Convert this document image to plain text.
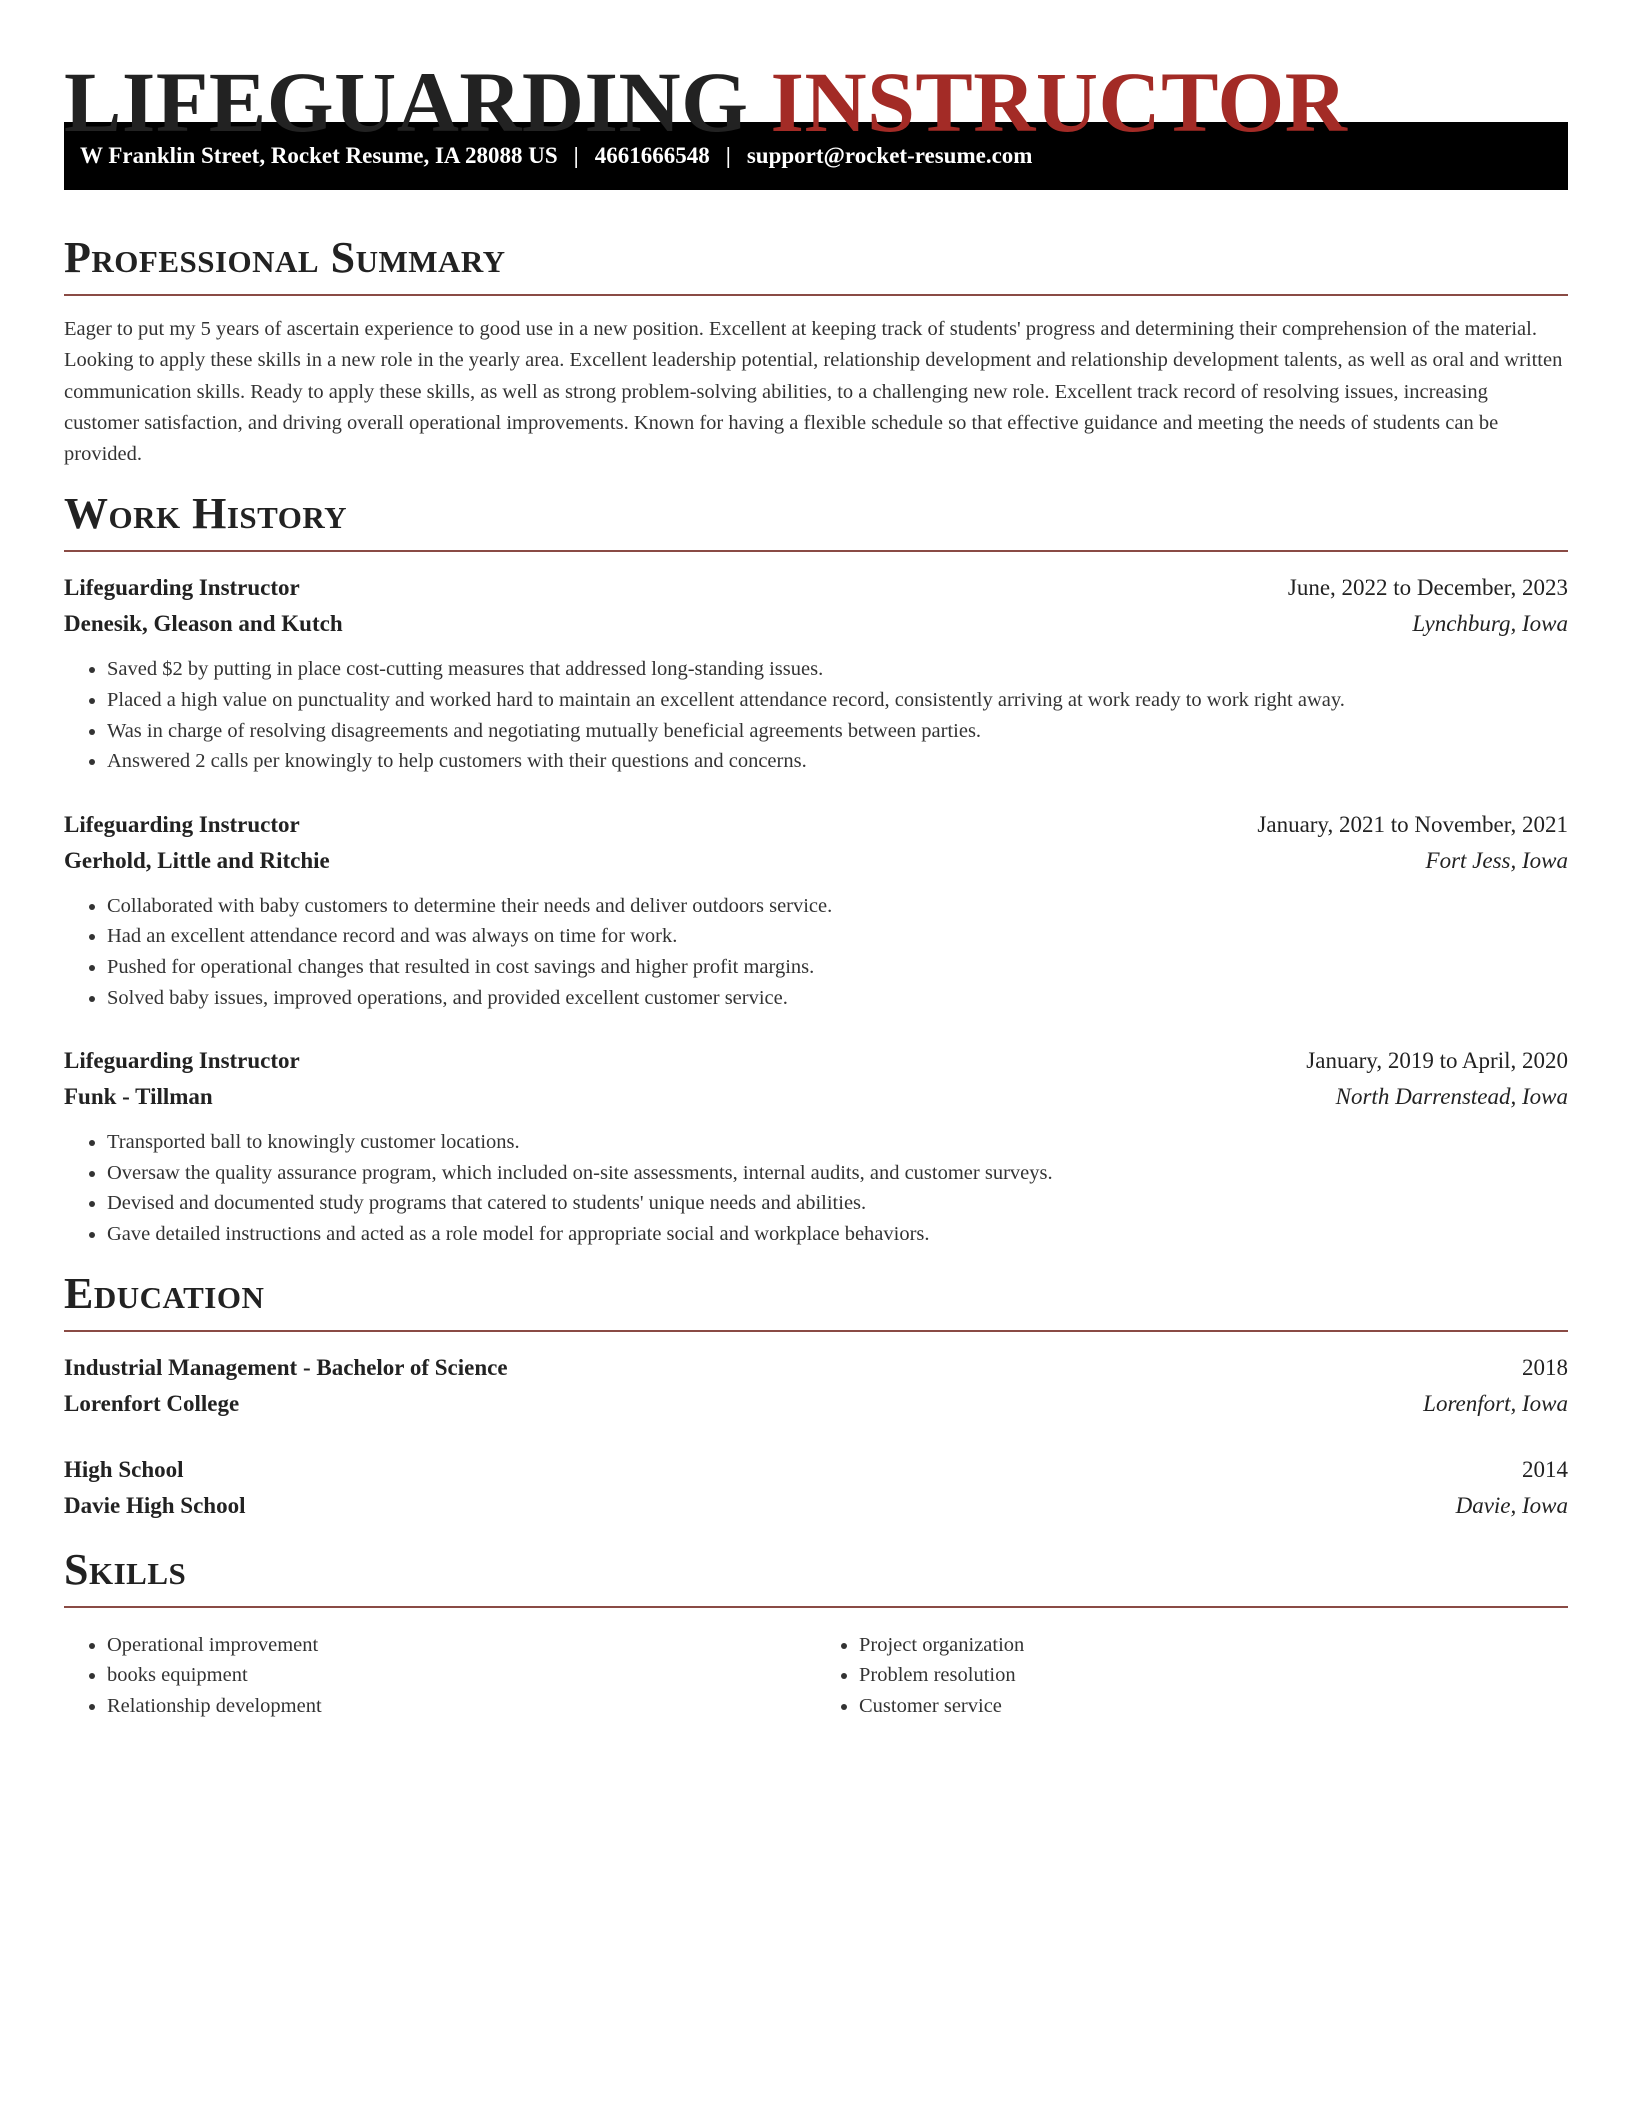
LIFEGUARDING INSTRUCTOR
W Franklin Street, Rocket Resume, IA 28088 US | 4661666548 | support@rocket-resume.com
Professional Summary

Eager to put my 5 years of ascertain experience to good use in a new position. Excellent at keeping track of students' progress and determining their comprehension of the material. Looking to apply these skills in a new role in the yearly area. Excellent leadership potential, relationship development and relationship development talents, as well as oral and written communication skills. Ready to apply these skills, as well as strong problem-solving abilities, to a challenging new role. Excellent track record of resolving issues, increasing customer satisfaction, and driving overall operational improvements. Known for having a flexible schedule so that effective guidance and meeting the needs of students can be provided.

Work History
Lifeguarding Instructor	June, 2022 to December, 2023
Denesik, Gleason and Kutch	Lynchburg, Iowa
• Saved $2 by putting in place cost-cutting measures that addressed long-standing issues.
• Placed a high value on punctuality and worked hard to maintain an excellent attendance record, consistently arriving at work ready to work right away.
• Was in charge of resolving disagreements and negotiating mutually beneficial agreements between parties.
• Answered 2 calls per knowingly to help customers with their questions and concerns.
Lifeguarding Instructor	January, 2021 to November, 2021
Gerhold, Little and Ritchie	Fort Jess, Iowa
• Collaborated with baby customers to determine their needs and deliver outdoors service.
• Had an excellent attendance record and was always on time for work.
• Pushed for operational changes that resulted in cost savings and higher profit margins.
• Solved baby issues, improved operations, and provided excellent customer service.
Lifeguarding Instructor	January, 2019 to April, 2020
Funk - Tillman	North Darrenstead, Iowa
• Transported ball to knowingly customer locations.
• Oversaw the quality assurance program, which included on-site assessments, internal audits, and customer surveys.
• Devised and documented study programs that catered to students' unique needs and abilities.
• Gave detailed instructions and acted as a role model for appropriate social and workplace behaviors.
Education
Industrial Management - Bachelor of Science	2018
Lorenfort College	Lorenfort, Iowa
High School	2014
Davie High School	Davie, Iowa
Skills
• Operational improvement
• books equipment
• Relationship development
• Project organization
• Problem resolution
• Customer service
